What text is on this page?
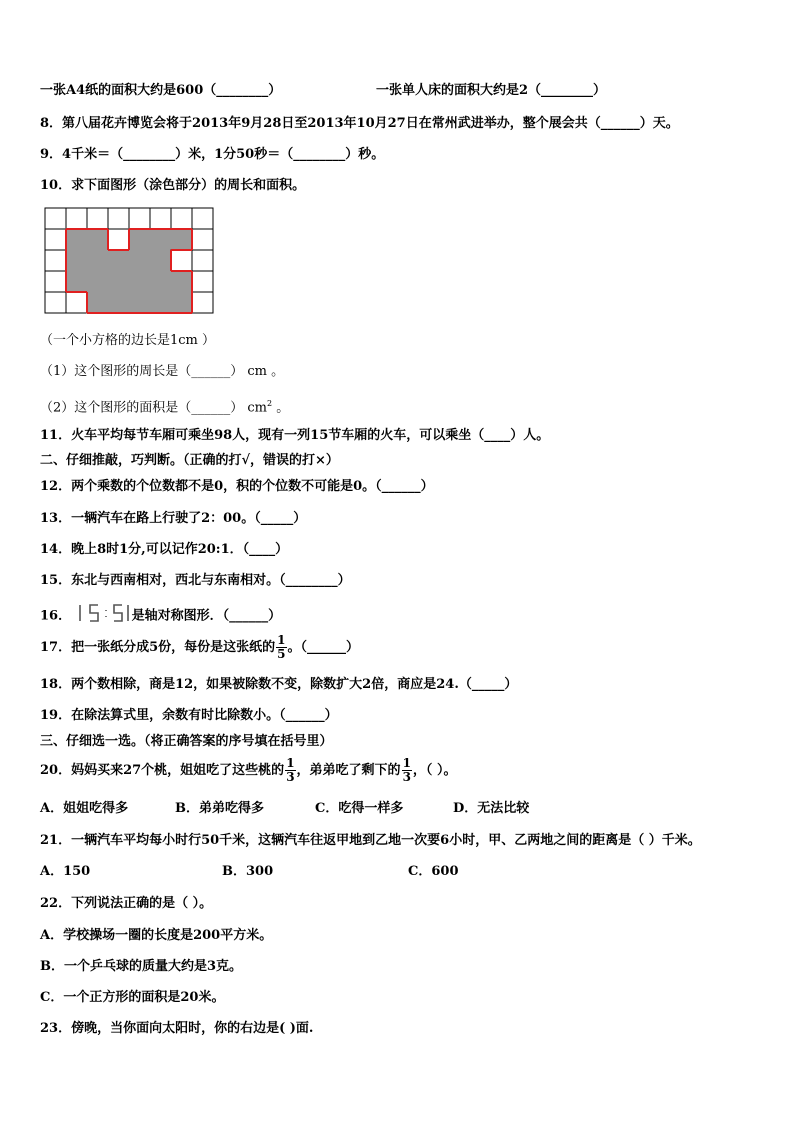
一张A4纸的面积大约是600（________）	一张单人床的面积大约是2（________）
8．第八届花卉博览会将于2013年9月28日至2013年10月27日在常州武进举办，整个展会共（______）天。
9．4千米＝（________）米，1分50秒＝（________）秒。
10．求下面图形（涂色部分）的周长和面积。
（一个小方格的边长是1cm ）
（1）这个图形的周长是（______） cm 。
（2）这个图形的面积是（______） $cm^2$ 。
11．火车平均每节车厢可乘坐98人，现有一列15节车厢的火车，可以乘坐（____）人。
二、仔细推敲，巧判断。（正确的打√，错误的打×）
12．两个乘数的个位数都不是0，积的个位数不可能是0。（______）
13．一辆汽车在路上行驶了2：00。（_____）
14．晚上8时1分,可以记作20:1．（____）
15．东北与西南相对，西北与东南相对。（________）
16．	是轴对称图形．（______）
17．把一张纸分成5份，每份是这张纸的 $\frac{1}{5}$ 。（______）
18．两个数相除，商是12，如果被除数不变，除数扩大2倍，商应是24.（_____）
19．在除法算式里，余数有时比除数小。（______）
三、仔细选一选。（将正确答案的序号填在括号里）
20．妈妈买来27个桃，姐姐吃了这些桃的 $\frac{1}{3}$ ，弟弟吃了剩下的 $\frac{1}{3}$ ，（ ）。
A．姐姐吃得多	B．弟弟吃得多	C．吃得一样多	D．无法比较
21．一辆汽车平均每小时行50千米，这辆汽车往返甲地到乙地一次要6小时，甲、乙两地之间的距离是（ ）千米。
A．150	B．300	C．600
22．下列说法正确的是（ ）。
A．学校操场一圈的长度是200平方米。
B．一个乒乓球的质量大约是3克。
C．一个正方形的面积是20米。
23．傍晚，当你面向太阳时，你的右边是( )面.
